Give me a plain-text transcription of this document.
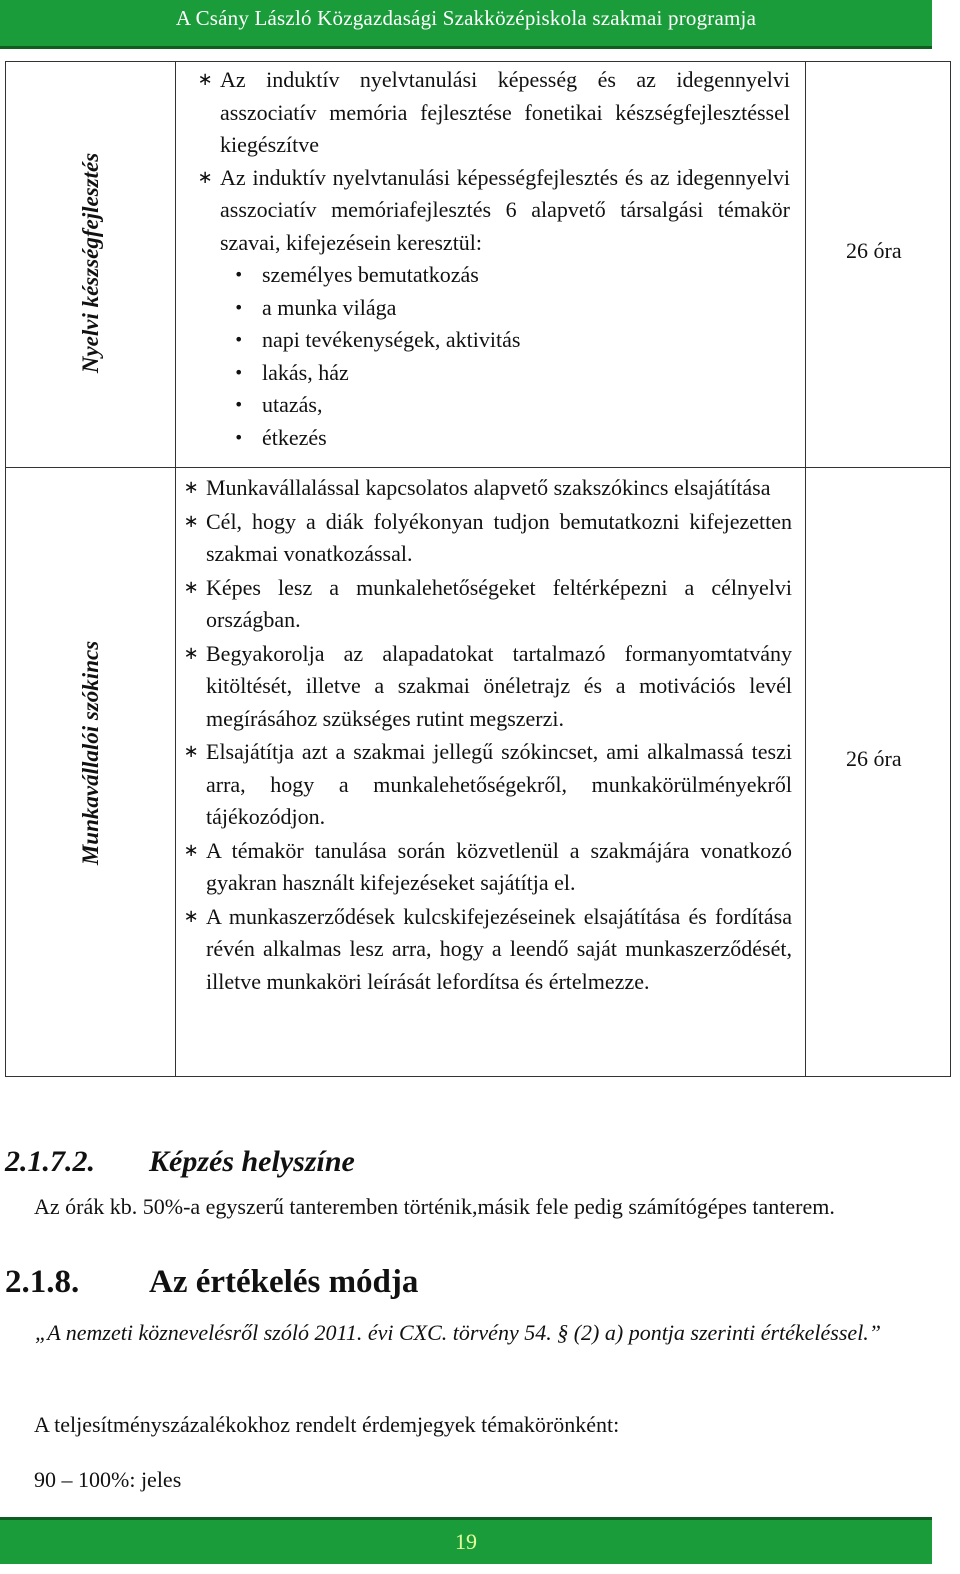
A Csány László Közgazdasági Szakközépiskola szakmai programja
Nyelvi készségfejlesztés
∗ Az induktív nyelvtanulási képesség és az idegennyelvi asszociatív memória fejlesztése fonetikai készségfejlesztéssel kiegészítve
∗ Az induktív nyelvtanulási képességfejlesztés és az idegennyelvi asszociatív memóriafejlesztés 6 alapvető társalgási témakör szavai, kifejezésein keresztül:
• személyes bemutatkozás
• a munka világa
• napi tevékenységek, aktivitás
• lakás, ház
• utazás,
• étkezés
26 óra
Munkavállalói szókincs
∗ Munkavállalással kapcsolatos alapvető szakszókincs elsajátítása
∗ Cél, hogy a diák folyékonyan tudjon bemutatkozni kifejezetten szakmai vonatkozással.
∗ Képes lesz a munkalehetőségeket feltérképezni a célnyelvi országban.
∗ Begyakorolja az alapadatokat tartalmazó formanyomtatvány kitöltését, illetve a szakmai önéletrajz és a motivációs levél megírásához szükséges rutint megszerzi.
∗ Elsajátítja azt a szakmai jellegű szókincset, ami alkalmassá teszi arra, hogy a munkalehetőségekről, munkakörülményekről tájékozódjon.
∗ A témakör tanulása során közvetlenül a szakmájára vonatkozó gyakran használt kifejezéseket sajátítja el.
∗ A munkaszerződések kulcskifejezéseinek elsajátítása és fordítása révén alkalmas lesz arra, hogy a leendő saját munkaszerződését, illetve munkaköri leírását lefordítsa és értelmezze.
26 óra
2.1.7.2. Képzés helyszíne
Az órák kb. 50%-a egyszerű tanteremben történik,másik fele pedig számítógépes tanterem.
2.1.8. Az értékelés módja
„A nemzeti köznevelésről szóló 2011. évi CXC. törvény 54. § (2) a) pontja szerinti értékeléssel.”
A teljesítményszázalékokhoz rendelt érdemjegyek témakörönként:
90 – 100%: jeles
19
